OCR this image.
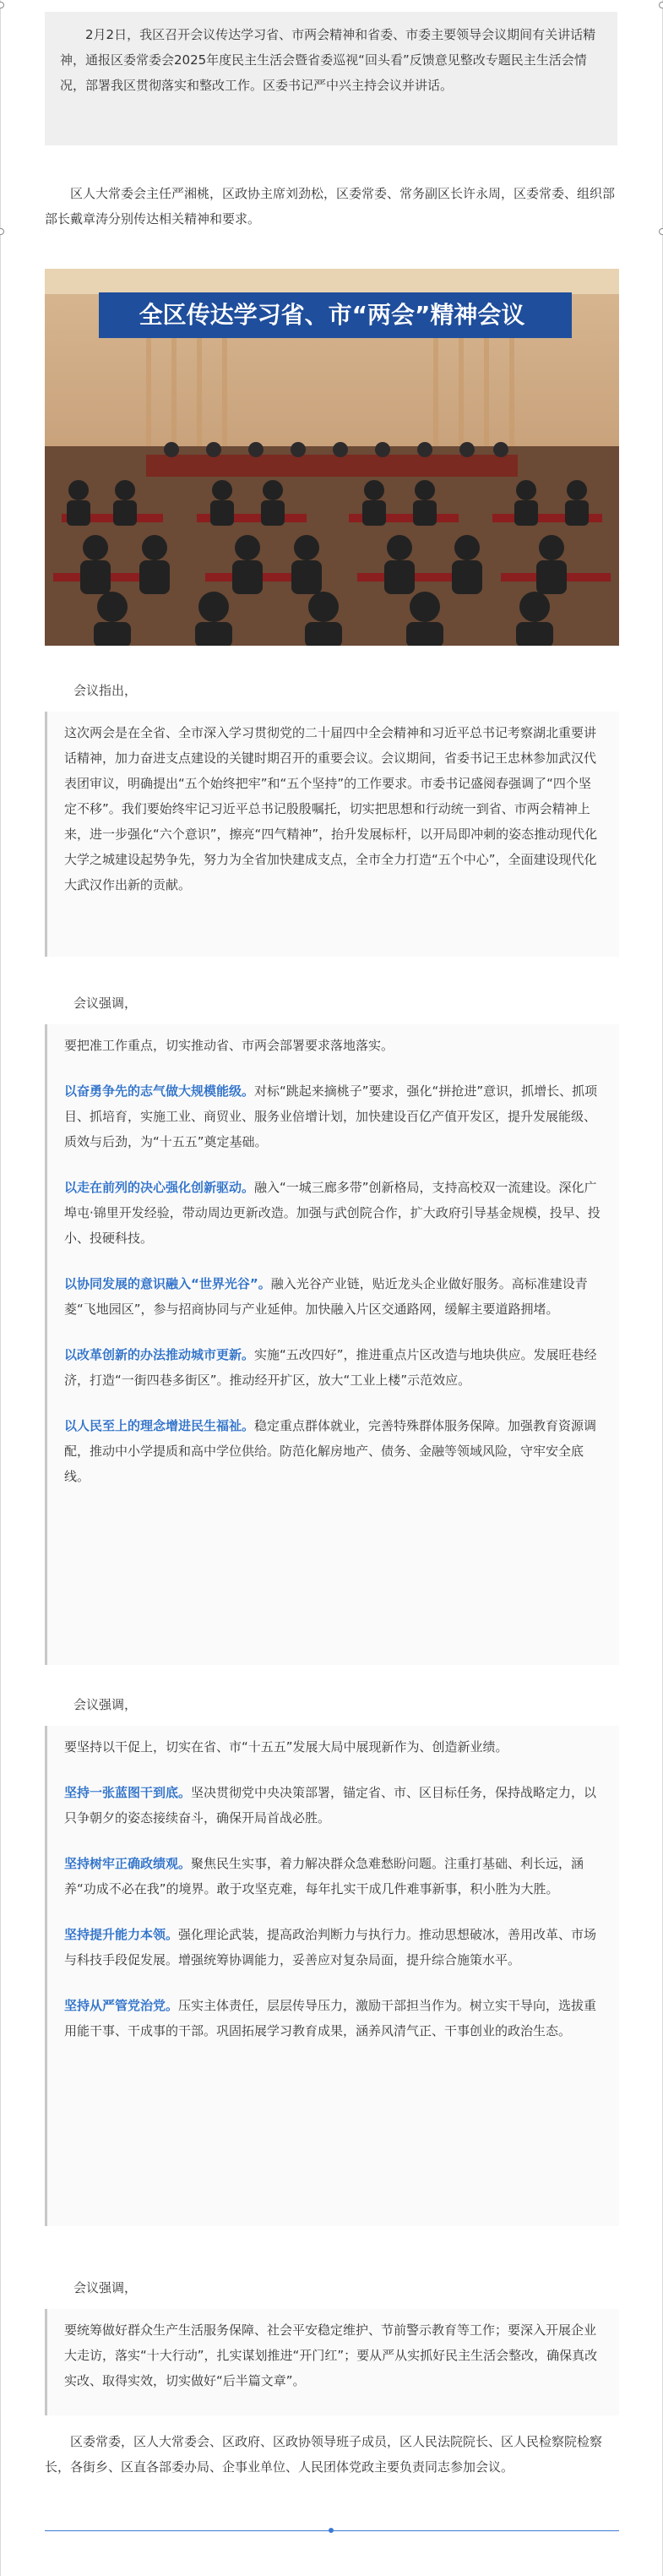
2月2日，我区召开会议传达学习省、市两会精神和省委、市委主要领导会议期间有关讲话精神，通报区委常委会2025年度民主生活会暨省委巡视“回头看”反馈意见整改专题民主生活会情况，部署我区贯彻落实和整改工作。区委书记严中兴主持会议并讲话。
区人大常委会主任严湘桃，区政协主席刘劲松，区委常委、常务副区长许永周，区委常委、组织部部长戴章涛分别传达相关精神和要求。
全区传达学习省、市“两会”精神会议
会议指出，

这次两会是在全省、全市深入学习贯彻党的二十届四中全会精神和习近平总书记考察湖北重要讲话精神，加力奋进支点建设的关键时期召开的重要会议。会议期间，省委书记王忠林参加武汉代表团审议，明确提出“五个始终把牢”和“五个坚持”的工作要求。市委书记盛阅春强调了“四个坚定不移”。我们要始终牢记习近平总书记殷殷嘱托，切实把思想和行动统一到省、市两会精神上来，进一步强化“六个意识”，擦亮“四气精神”，抬升发展标杆，以开局即冲刺的姿态推动现代化大学之城建设起势争先，努力为全省加快建成支点，全市全力打造“五个中心”，全面建设现代化大武汉作出新的贡献。

会议强调，

要把准工作重点，切实推动省、市两会部署要求落地落实。

以奋勇争先的志气做大规模能级。对标“跳起来摘桃子”要求，强化“拼抢进”意识，抓增长、抓项目、抓培育，实施工业、商贸业、服务业倍增计划，加快建设百亿产值开发区，提升发展能级、质效与后劲，为“十五五”奠定基础。

以走在前列的决心强化创新驱动。融入“一城三廊多带”创新格局，支持高校双一流建设。深化广埠屯·锦里开发经验，带动周边更新改造。加强与武创院合作，扩大政府引导基金规模，投早、投小、投硬科技。

以协同发展的意识融入“世界光谷”。融入光谷产业链，贴近龙头企业做好服务。高标准建设青菱“飞地园区”，参与招商协同与产业延伸。加快融入片区交通路网，缓解主要道路拥堵。

以改革创新的办法推动城市更新。实施“五改四好”，推进重点片区改造与地块供应。发展旺巷经济，打造“一街四巷多街区”。推动经开扩区，放大“工业上楼”示范效应。

以人民至上的理念增进民生福祉。稳定重点群体就业，完善特殊群体服务保障。加强教育资源调配，推动中小学提质和高中学位供给。防范化解房地产、债务、金融等领域风险，守牢安全底线。

会议强调，

要坚持以干促上，切实在省、市“十五五”发展大局中展现新作为、创造新业绩。

坚持一张蓝图干到底。坚决贯彻党中央决策部署，锚定省、市、区目标任务，保持战略定力，以只争朝夕的姿态接续奋斗，确保开局首战必胜。

坚持树牢正确政绩观。聚焦民生实事，着力解决群众急难愁盼问题。注重打基础、利长远，涵养“功成不必在我”的境界。敢于攻坚克难，每年扎实干成几件难事新事，积小胜为大胜。

坚持提升能力本领。强化理论武装，提高政治判断力与执行力。推动思想破冰，善用改革、市场与科技手段促发展。增强统筹协调能力，妥善应对复杂局面，提升综合施策水平。

坚持从严管党治党。压实主体责任，层层传导压力，激励干部担当作为。树立实干导向，选拔重用能干事、干成事的干部。巩固拓展学习教育成果，涵养风清气正、干事创业的政治生态。

会议强调，

要统筹做好群众生产生活服务保障、社会平安稳定维护、节前警示教育等工作；要深入开展企业大走访，落实“十大行动”，扎实谋划推进“开门红”；要从严从实抓好民主生活会整改，确保真改实改、取得实效，切实做好“后半篇文章”。

区委常委，区人大常委会、区政府、区政协领导班子成员，区人民法院院长、区人民检察院检察长，各街乡、区直各部委办局、企事业单位、人民团体党政主要负责同志参加会议。
